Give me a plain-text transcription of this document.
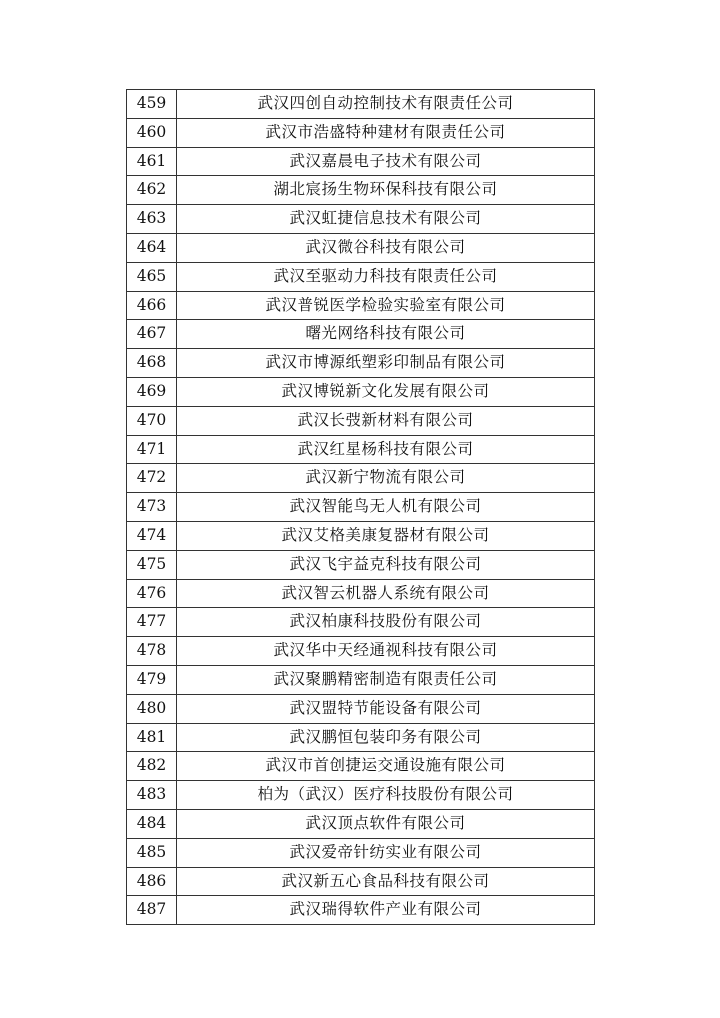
459	武汉四创自动控制技术有限责任公司
460	武汉市浩盛特种建材有限责任公司
461	武汉嘉晨电子技术有限公司
462	湖北宸扬生物环保科技有限公司
463	武汉虹捷信息技术有限公司
464	武汉微谷科技有限公司
465	武汉至驱动力科技有限责任公司
466	武汉普锐医学检验实验室有限公司
467	曙光网络科技有限公司
468	武汉市博源纸塑彩印制品有限公司
469	武汉博锐新文化发展有限公司
470	武汉长弢新材料有限公司
471	武汉红星杨科技有限公司
472	武汉新宁物流有限公司
473	武汉智能鸟无人机有限公司
474	武汉艾格美康复器材有限公司
475	武汉飞宇益克科技有限公司
476	武汉智云机器人系统有限公司
477	武汉柏康科技股份有限公司
478	武汉华中天经通视科技有限公司
479	武汉聚鹏精密制造有限责任公司
480	武汉盟特节能设备有限公司
481	武汉鹏恒包装印务有限公司
482	武汉市首创捷运交通设施有限公司
483	柏为（武汉）医疗科技股份有限公司
484	武汉顶点软件有限公司
485	武汉爱帝针纺实业有限公司
486	武汉新五心食品科技有限公司
487	武汉瑞得软件产业有限公司
